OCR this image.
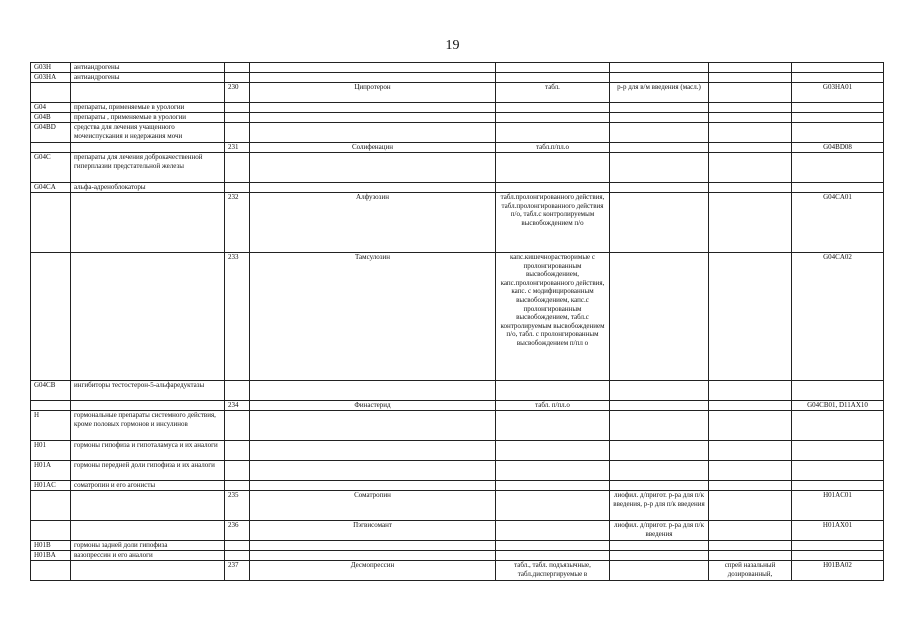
19
G03H	антиандрогены						
G03HA	антиандрогены						
		230	Ципротерон	табл.	р-р для в/м введения (масл.)		G03HA01
G04	препараты, применяемые в урологии						
G04B	препараты , применяемые в урологии						
G04BD	средства для лечения учащенного мочеиспускания и недержания мочи						
		231	Солифенацин	табл.п/пл.о			G04BD08
G04C	препараты для лечения доброкачественной гиперплазии предстательной железы						
G04CA	альфа-адреноблокаторы						
		232	Алфузозин	табл.пролонгированного действия, табл.пролонгированного действия п/о, табл.с контролируемым высвобождением п/о			G04CA01
		233	Тамсулозин	капс.кишечнорастворимые с пролонгированным высвобождением, капс.пролонгированного действия, капс. с модифицированным высвобождением, капс.с пролонгированным высвобождением, табл.с контролируемым высвобождением п/о, табл. с пролонгированным высвобождением п/пл о			G04CA02
G04CB	ингибиторы тестостерон-5-альфаредуктазы						
		234	Финастерид	табл. п/пл.о			G04CB01, D11AX10
H	гормональные препараты системного действия, кроме половых гормонов и инсулинов						
H01	гормоны гипофиза и гипоталамуса и их аналоги						
H01A	гормоны передней доли гипофиза и их аналоги						
H01AC	соматропин и его агонисты						
		235	Соматропин		лиофил. д/пригот. р-ра для п/к введения, р-р для п/к введения		H01AC01
		236	Пэгвисомант		лиофил. д/пригот. р-ра для п/к введения		H01AX01
H01B	гормоны задней доли гипофиза						
H01BA	вазопрессин и его аналоги						
		237	Десмопрессин	табл., табл. подъязычные, табл.диспергируемые в		спрей назальный дозированный,	H01BA02
